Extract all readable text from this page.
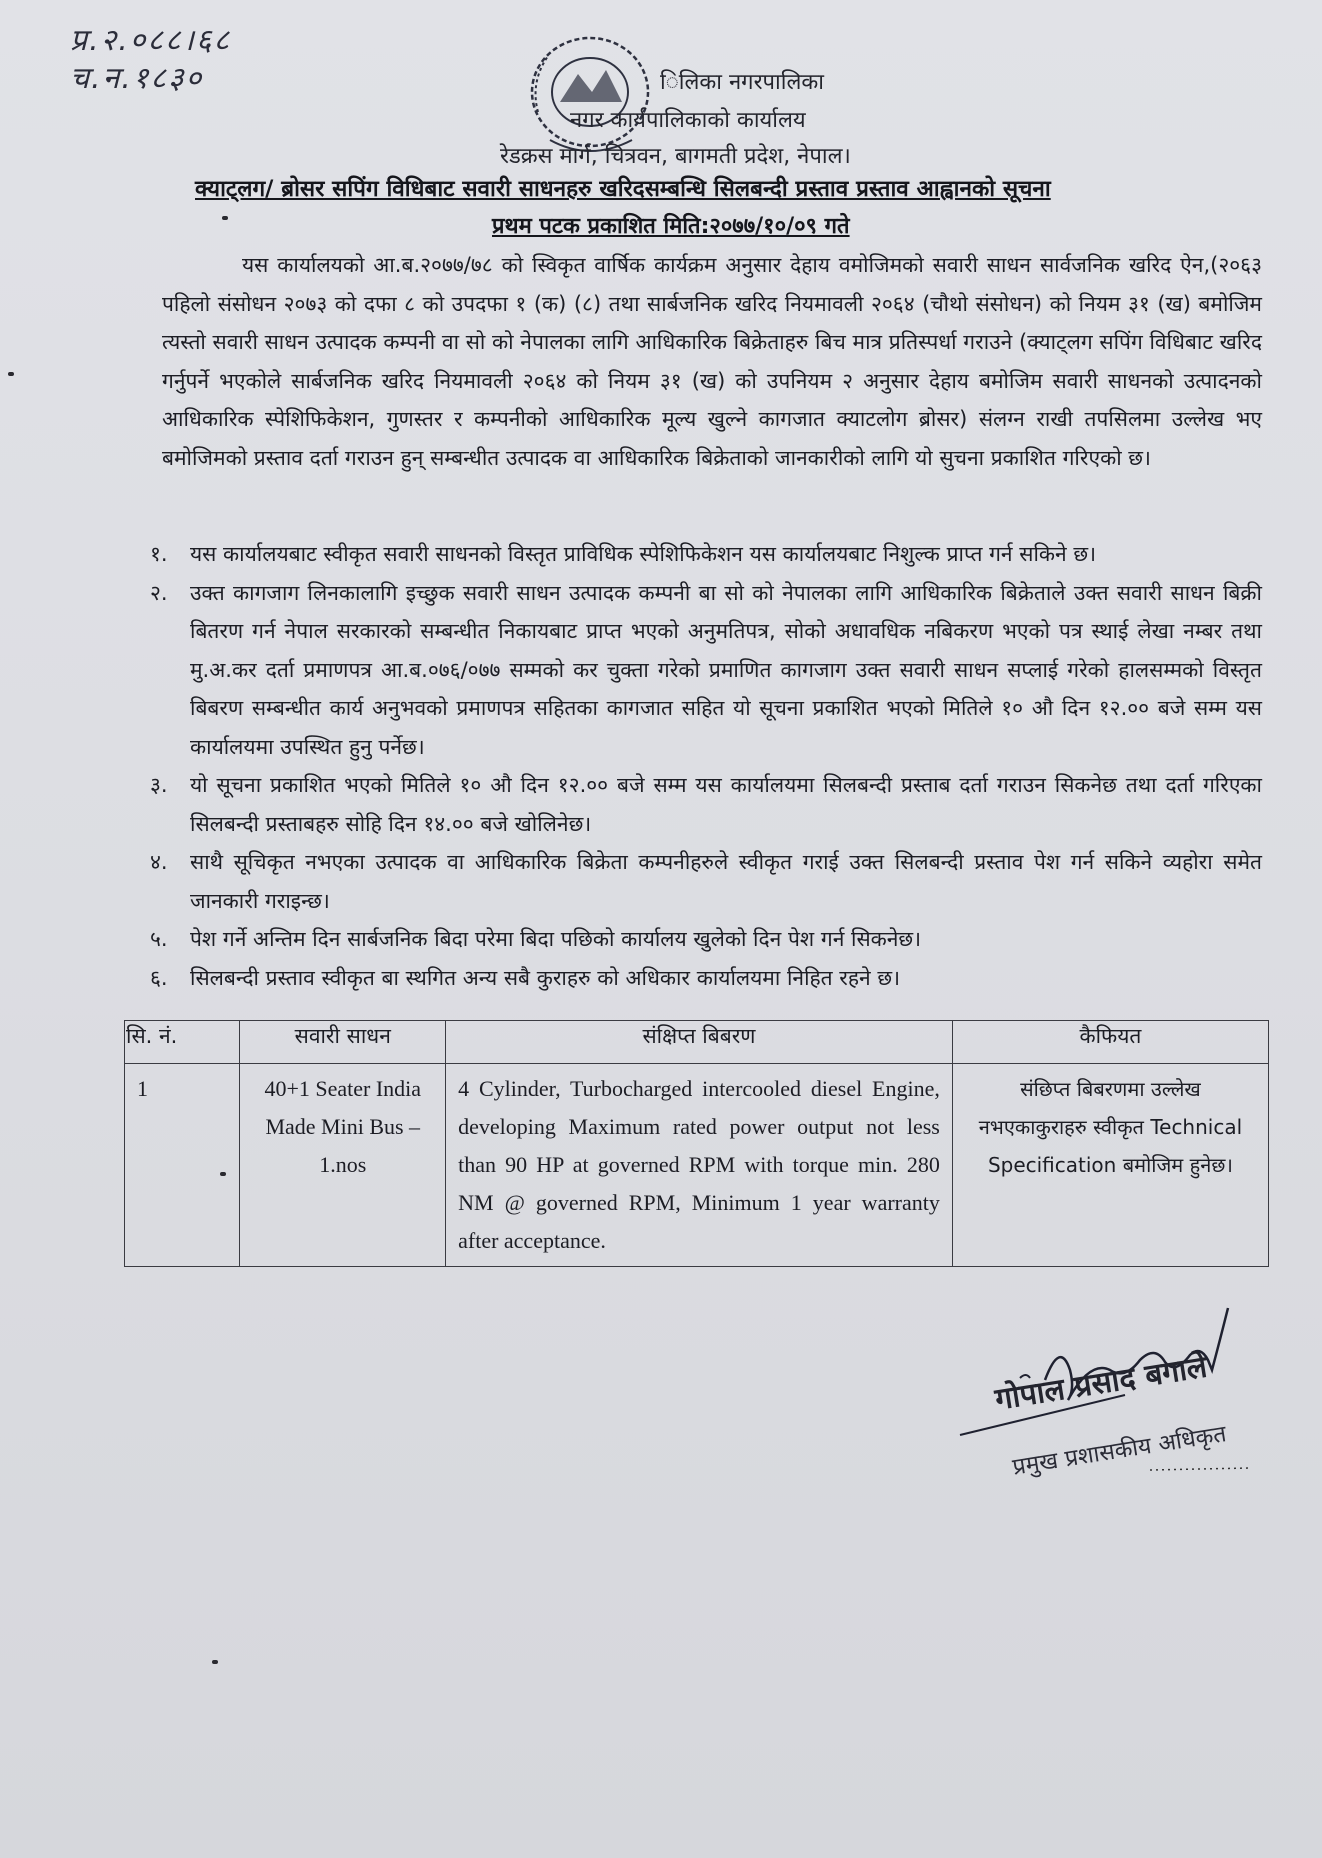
प्र.२.०८८।६८
च.न.१८३०	िलिका नगरपालिका
नगर कार्यपालिकाको कार्यालय
रेडक्रस मार्ग, चित्रवन, बागमती प्रदेश, नेपाल।
क्याट्लग/ ब्रोसर सपिंग विधिबाट सवारी साधनहरु खरिदसम्बन्धि सिलबन्दी प्रस्ताव प्रस्ताव आह्वानको सूचना
प्रथम पटक प्रकाशित मिति:२०७७/१०/०९ गते
यस कार्यालयको आ.ब.२०७७/७८ को स्विकृत वार्षिक कार्यक्रम अनुसार देहाय वमोजिमको सवारी साधन सार्वजनिक खरिद ऐन,(२०६३ पहिलो संसोधन २०७३ को दफा ८ को उपदफा १ (क) (८) तथा सार्बजनिक खरिद नियमावली २०६४ (चौथो संसोधन) को नियम ३१ (ख) बमोजिम त्यस्तो सवारी साधन उत्पादक कम्पनी वा सो को नेपालका लागि आधिकारिक बिक्रेताहरु बिच मात्र प्रतिस्पर्धा गराउने (क्याट्लग सपिंग विधिबाट खरिद गर्नुपर्ने भएकोले सार्बजनिक खरिद नियमावली २०६४ को नियम ३१ (ख) को उपनियम २ अनुसार देहाय बमोजिम सवारी साधनको उत्पादनको आधिकारिक स्पेशिफिकेशन, गुणस्तर र कम्पनीको आधिकारिक मूल्य खुल्ने कागजात क्याटलोग ब्रोसर) संलग्न राखी तपसिलमा उल्लेख भए बमोजिमको प्रस्ताव दर्ता गराउन हुन् सम्बन्धीत उत्पादक वा आधिकारिक बिक्रेताको जानकारीको लागि यो सुचना प्रकाशित गरिएको छ।
१.	यस कार्यालयबाट स्वीकृत सवारी साधनको विस्तृत प्राविधिक स्पेशिफिकेशन यस कार्यालयबाट निशुल्क प्राप्त गर्न सकिने छ।
२.	उक्त कागजाग लिनकालागि इच्छुक सवारी साधन उत्पादक कम्पनी बा सो को नेपालका लागि आधिकारिक बिक्रेताले उक्त सवारी साधन बिक्री बितरण गर्न नेपाल सरकारको सम्बन्धीत निकायबाट प्राप्त भएको अनुमतिपत्र, सोको अधावधिक नबिकरण भएको पत्र स्थाई लेखा नम्बर तथा मु.अ.कर दर्ता प्रमाणपत्र आ.ब.०७६/०७७ सम्मको कर चुक्ता गरेको प्रमाणित कागजाग उक्त सवारी साधन सप्लाई गरेको हालसम्मको विस्तृत बिबरण सम्बन्धीत कार्य अनुभवको प्रमाणपत्र सहितका कागजात सहित यो सूचना प्रकाशित भएको मितिले १० औ दिन १२.०० बजे सम्म यस कार्यालयमा उपस्थित हुनु पर्नेछ।
३.	यो सूचना प्रकाशित भएको मितिले १० औ दिन १२.०० बजे सम्म यस कार्यालयमा सिलबन्दी प्रस्ताब दर्ता गराउन सिकनेछ तथा दर्ता गरिएका सिलबन्दी प्रस्ताबहरु सोहि दिन १४.०० बजे खोलिनेछ।
४.	साथै सूचिकृत नभएका उत्पादक वा आधिकारिक बिक्रेता कम्पनीहरुले स्वीकृत गराई उक्त सिलबन्दी प्रस्ताव पेश गर्न सकिने व्यहोरा समेत जानकारी गराइन्छ।
५.	पेश गर्ने अन्तिम दिन सार्बजनिक बिदा परेमा बिदा पछिको कार्यालय खुलेको दिन पेश गर्न सिकनेछ।
६.	सिलबन्दी प्रस्ताव स्वीकृत बा स्थगित अन्य सबै कुराहरु को अधिकार कार्यालयमा निहित रहने छ।
सि. नं.	सवारी साधन	संक्षिप्त बिबरण	कैफियत
1	40+1 Seater India Made Mini Bus – 1.nos	4 Cylinder, Turbocharged intercooled diesel Engine, developing Maximum rated power output not less than 90 HP at governed RPM with torque min. 280 NM @ governed RPM, Minimum 1 year warranty after acceptance.	संछिप्त बिबरणमा उल्लेख नभएकाकुराहरु स्वीकृत Technical Specification बमोजिम हुनेछ।
गोपाल प्रसाद बगाले
प्रमुख प्रशासकीय अधिकृत
